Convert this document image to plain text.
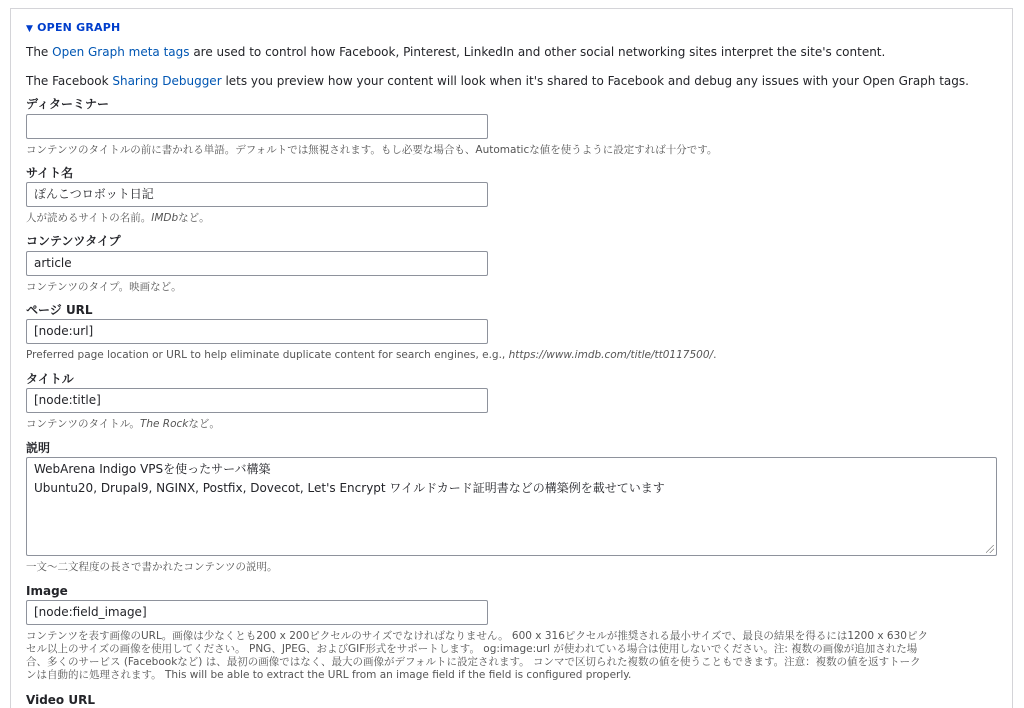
▼ OPEN GRAPH
The Open Graph meta tags are used to control how Facebook, Pinterest, LinkedIn and other social networking sites interpret the site's content.
The Facebook Sharing Debugger lets you preview how your content will look when it's shared to Facebook and debug any issues with your Open Graph tags.
ディターミナー
コンテンツのタイトルの前に書かれる単語。デフォルトでは無視されます。もし必要な場合も、Automaticな値を使うように設定すれば十分です。
サイト名
ぽんこつロボット日記
人が読めるサイトの名前。IMDbなど。
コンテンツタイプ
article
コンテンツのタイプ。映画など。
ページ URL
[node:url]
Preferred page location or URL to help eliminate duplicate content for search engines, e.g., https://www.imdb.com/title/tt0117500/.
タイトル
[node:title]
コンテンツのタイトル。The Rockなど。
説明
WebArena Indigo VPSを使ったサーバ構築
Ubuntu20, Drupal9, NGINX, Postfix, Dovecot, Let's Encrypt ワイルドカード証明書などの構築例を載せています
一文〜二文程度の長さで書かれたコンテンツの説明。
Image
[node:field_image]
コンテンツを表す画像のURL。画像は少なくとも200 x 200ピクセルのサイズでなければなりません。 600 x 316ピクセルが推奨される最小サイズで、最良の結果を得るには1200 x 630ピク
セル以上のサイズの画像を使用してください。 PNG、JPEG、およびGIF形式をサポートします。 og:image:url が使われている場合は使用しないでください。注: 複数の画像が追加された場
合、多くのサービス (Facebookなど) は、最初の画像ではなく、最大の画像がデフォルトに設定されます。 コンマで区切られた複数の値を使うこともできます。注意：複数の値を返すトーク
ンは自動的に処理されます。 This will be able to extract the URL from an image field if the field is configured properly.
Video URL
